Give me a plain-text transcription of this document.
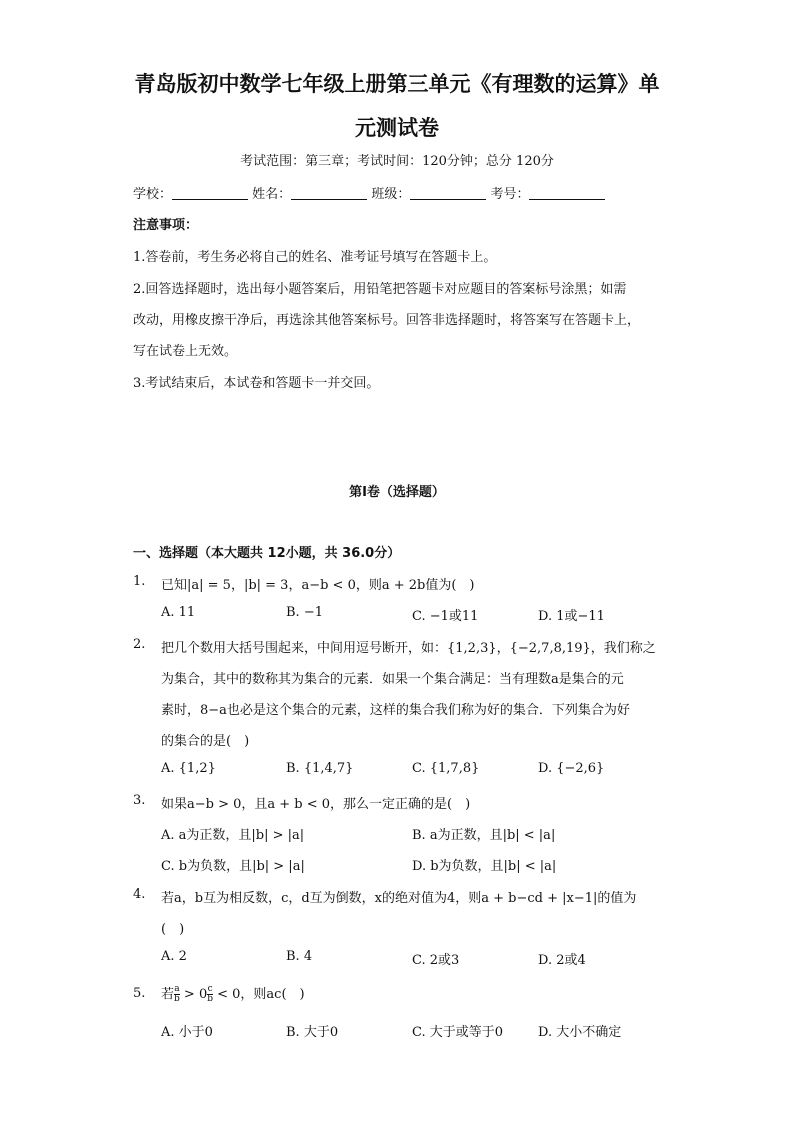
青岛版初中数学七年级上册第三单元《有理数的运算》单
元测试卷
考试范围：第三章；考试时间：120分钟；总分 120分
学校：	姓名：	班级：	考号：
注意事项：
1.答卷前，考生务必将自己的姓名、准考证号填写在答题卡上。
2.回答选择题时，选出每小题答案后，用铅笔把答题卡对应题目的答案标号涂黑；如需
改动，用橡皮擦干净后，再选涂其他答案标号。回答非选择题时，将答案写在答题卡上，
写在试卷上无效。
3.考试结束后，本试卷和答题卡一并交回。
第I卷（选择题）
一、选择题（本大题共 12小题，共 36.0分）
1. 已知|a| = 5，|b| = 3，a−b < 0，则a + 2b值为(　)
A. 11	B. −1	C. −1或11	D. 1或−11
2. 把几个数用大括号围起来，中间用逗号断开，如：{1,2,3}，{−2,7,8,19}，我们称之
为集合，其中的数称其为集合的元素．如果一个集合满足：当有理数a是集合的元
素时，8−a也必是这个集合的元素，这样的集合我们称为好的集合．下列集合为好
的集合的是(　)
A. {1,2}	B. {1,4,7}	C. {1,7,8}	D. {−2,6}
3. 如果a−b > 0，且a + b < 0，那么一定正确的是(　)
A. a为正数，且|b| > |a|	B. a为正数，且|b| < |a|
C. b为负数，且|b| > |a|	D. b为负数，且|b| < |a|
4. 若a，b互为相反数，c，d互为倒数，x的绝对值为4，则a + b−cd + |x−1|的值为
(　)
A. 2	B. 4	C. 2或3	D. 2或4
5. 若 $\frac{a}{b} > 0 \frac{c}{b} < 0$，则ac(　)
A. 小于0	B. 大于0	C. 大于或等于0	D. 大小不确定
